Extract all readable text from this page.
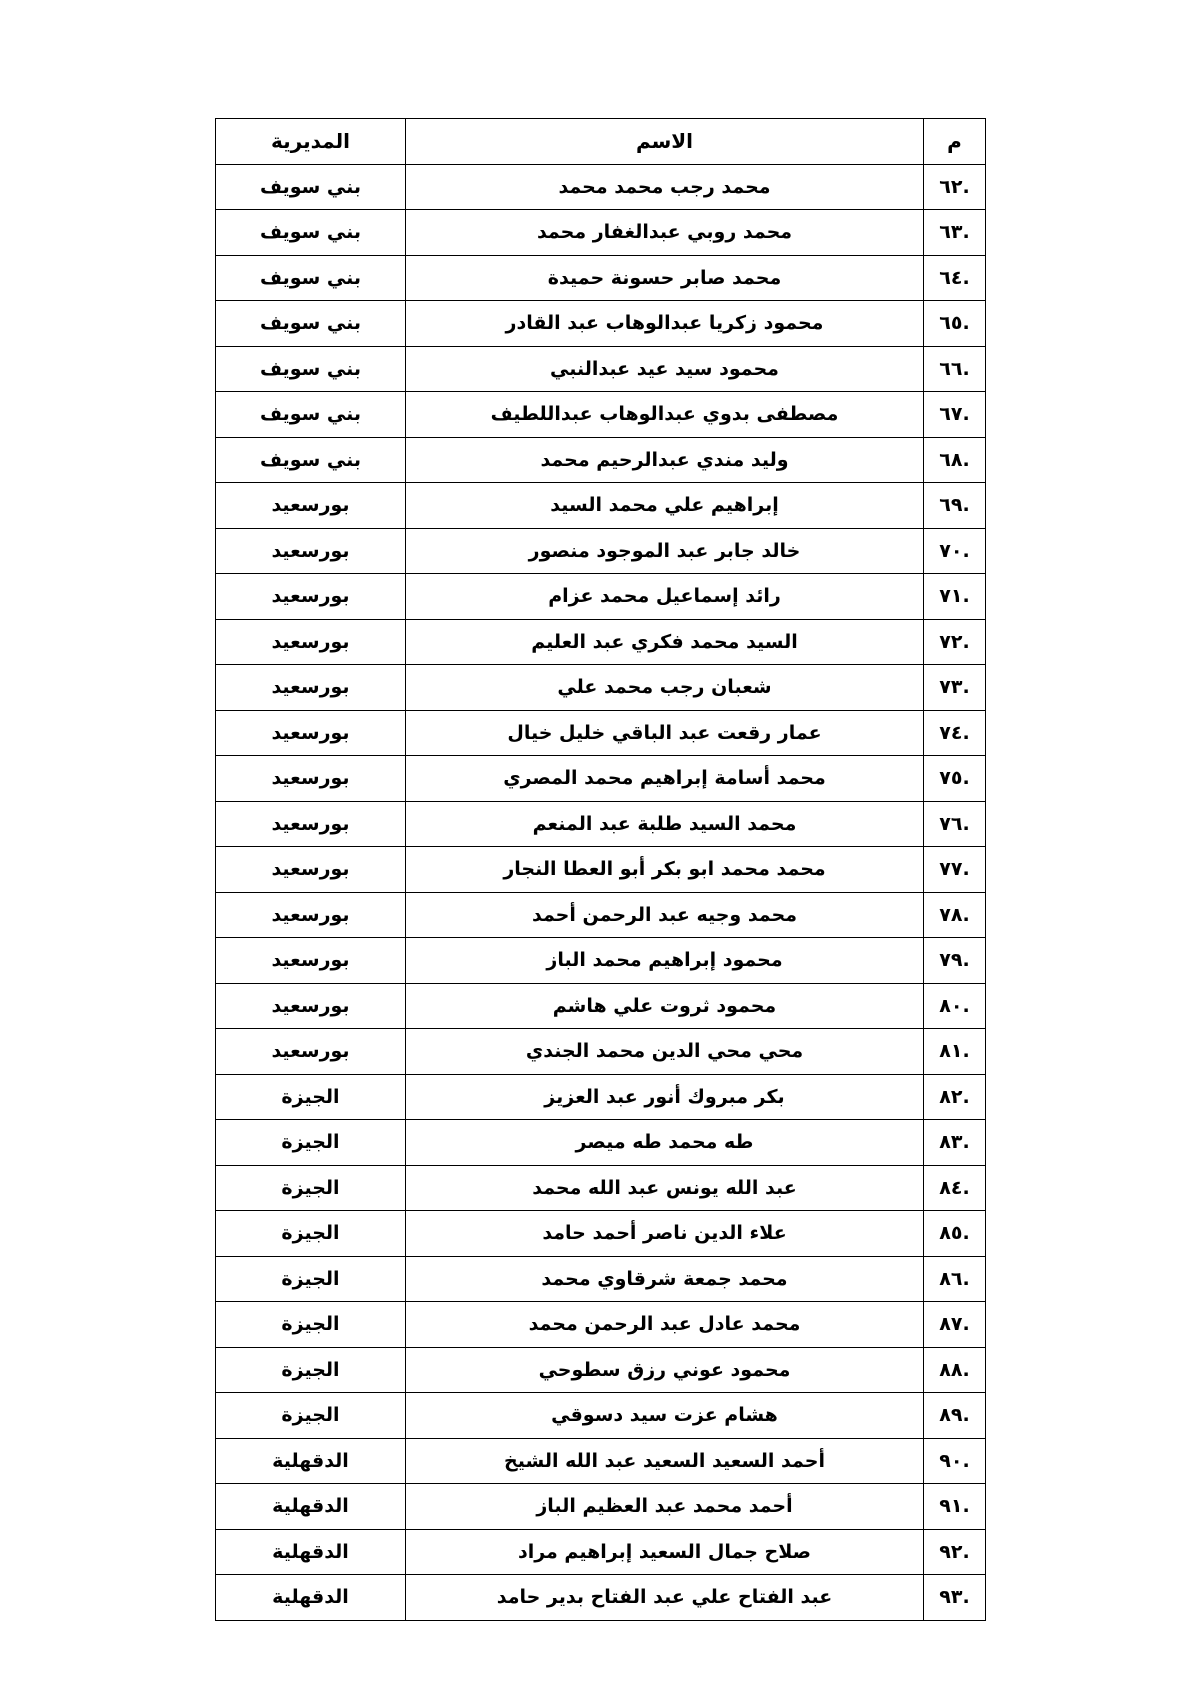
م	الاسم	المديرية
٦٢.	محمد رجب محمد محمد	بني سويف
٦٣.	محمد روبي عبدالغفار محمد	بني سويف
٦٤.	محمد صابر حسونة حميدة	بني سويف
٦٥.	محمود زكريا عبدالوهاب عبد القادر	بني سويف
٦٦.	محمود سيد عيد عبدالنبي	بني سويف
٦٧.	مصطفى بدوي عبدالوهاب عبداللطيف	بني سويف
٦٨.	وليد مندي عبدالرحيم محمد	بني سويف
٦٩.	إبراهيم علي محمد السيد	بورسعيد
٧٠.	خالد جابر عبد الموجود منصور	بورسعيد
٧١.	رائد إسماعيل محمد عزام	بورسعيد
٧٢.	السيد محمد فكري عبد العليم	بورسعيد
٧٣.	شعبان رجب محمد علي	بورسعيد
٧٤.	عمار رقعت عبد الباقي خليل خيال	بورسعيد
٧٥.	محمد أسامة إبراهيم محمد المصري	بورسعيد
٧٦.	محمد السيد طلبة عبد المنعم	بورسعيد
٧٧.	محمد محمد ابو بكر أبو العطا النجار	بورسعيد
٧٨.	محمد وجيه عبد الرحمن أحمد	بورسعيد
٧٩.	محمود إبراهيم محمد الباز	بورسعيد
٨٠.	محمود ثروت علي هاشم	بورسعيد
٨١.	محي محي الدين محمد الجندي	بورسعيد
٨٢.	بكر مبروك أنور عبد العزيز	الجيزة
٨٣.	طه محمد طه ميصر	الجيزة
٨٤.	عبد الله يونس عبد الله محمد	الجيزة
٨٥.	علاء الدين ناصر أحمد حامد	الجيزة
٨٦.	محمد جمعة شرقاوي محمد	الجيزة
٨٧.	محمد عادل عبد الرحمن محمد	الجيزة
٨٨.	محمود عوني رزق سطوحي	الجيزة
٨٩.	هشام عزت سيد دسوقي	الجيزة
٩٠.	أحمد السعيد السعيد عبد الله الشيخ	الدقهلية
٩١.	أحمد محمد عبد العظيم الباز	الدقهلية
٩٢.	صلاح جمال السعيد إبراهيم مراد	الدقهلية
٩٣.	عبد الفتاح علي عبد الفتاح بدير حامد	الدقهلية
